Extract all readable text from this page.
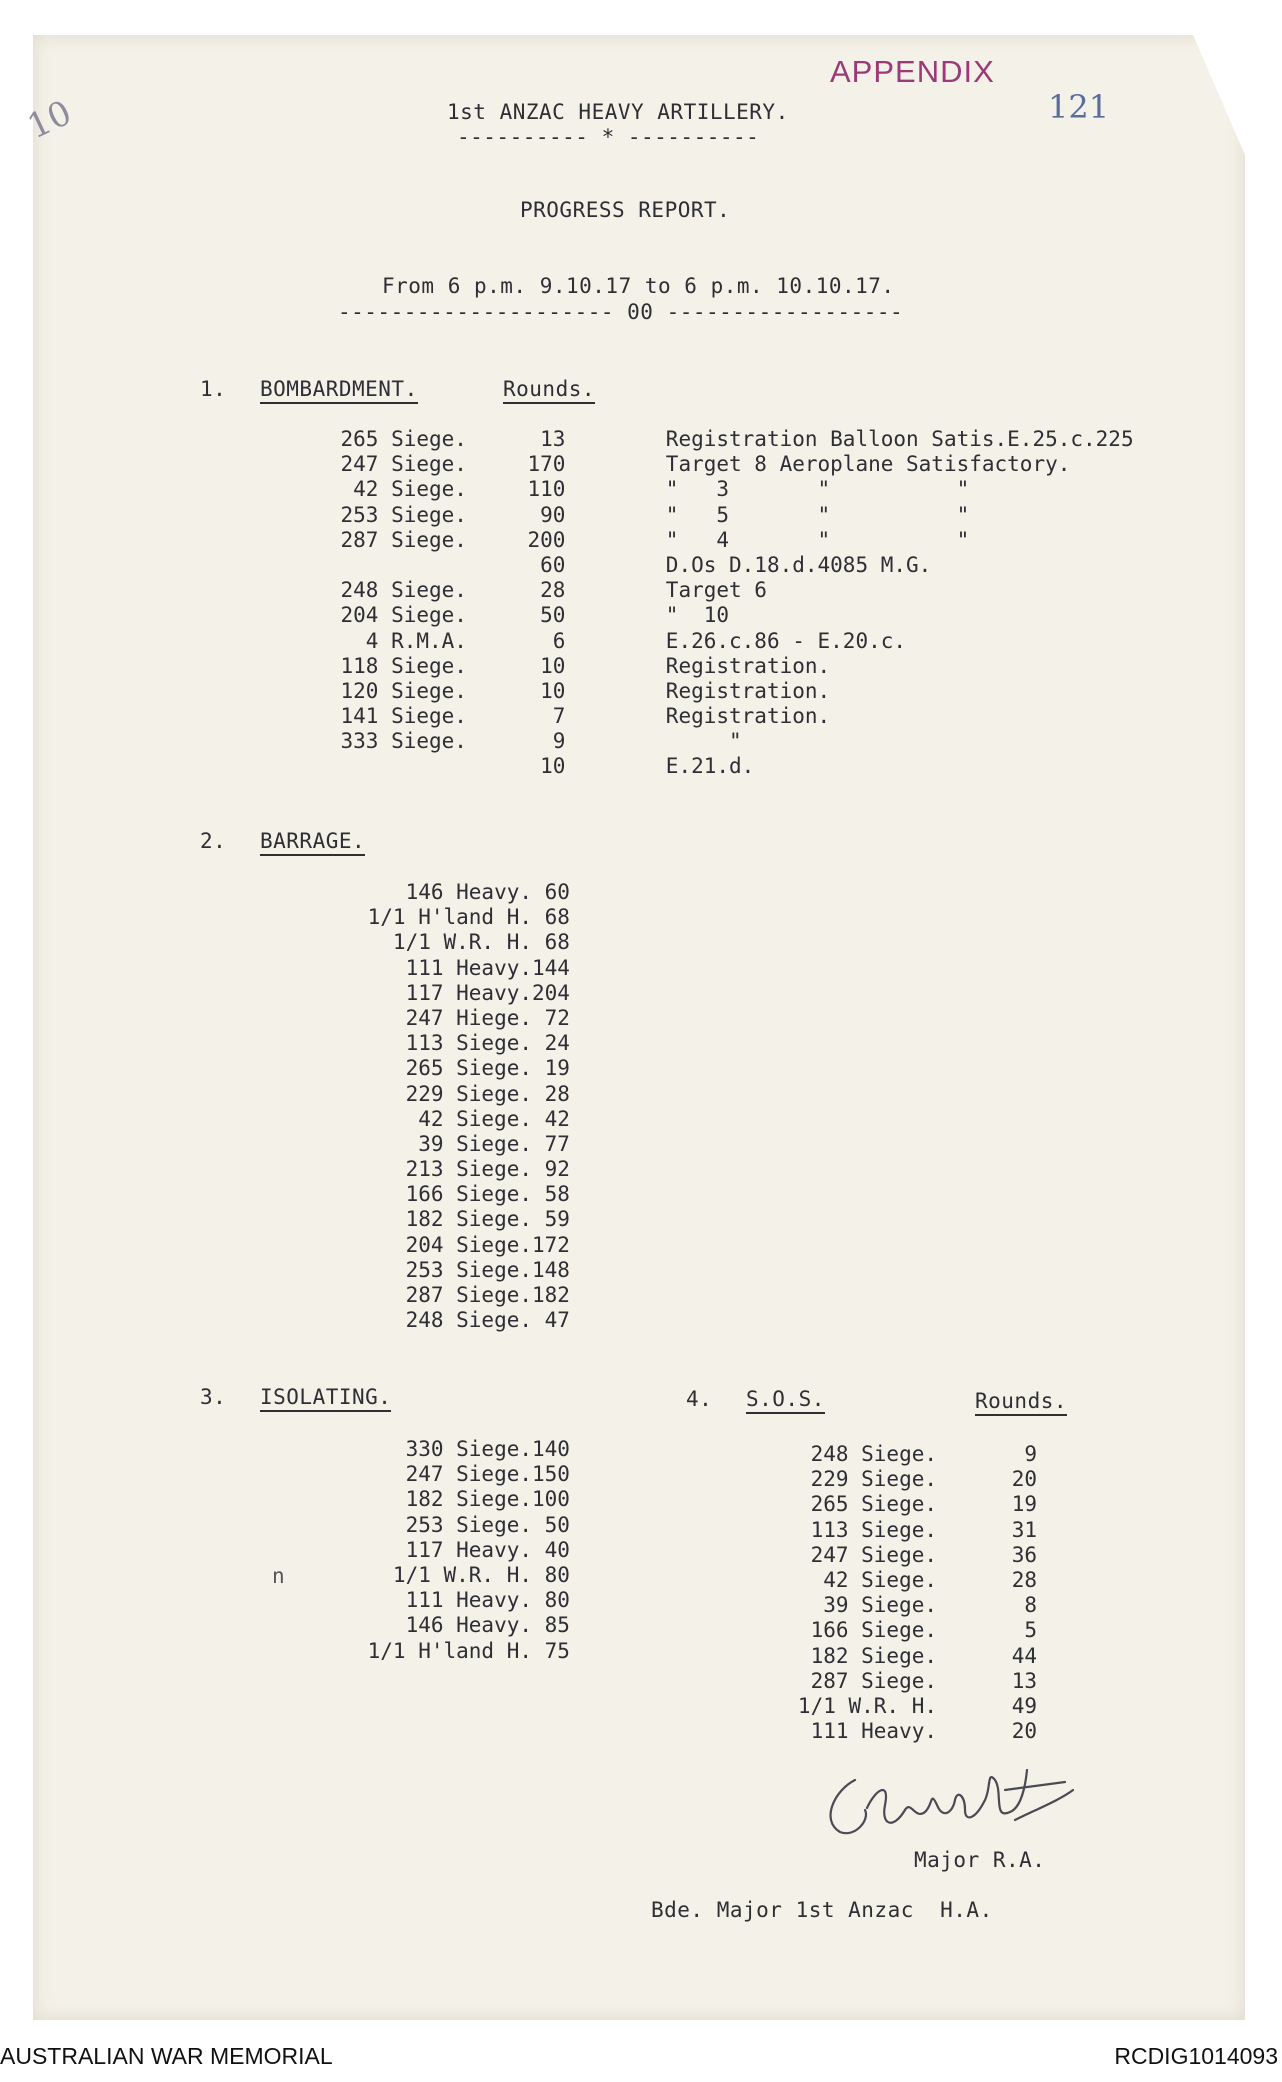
10
APPENDIX
121
1st ANZAC HEAVY ARTILLERY.
---------- * ----------
PROGRESS REPORT.
From 6 p.m. 9.10.17 to 6 p.m. 10.10.17.
--------------------- 00 ------------------
1. BOMBARDMENT.	Rounds.
265 Siege.	13		Registration Balloon Satis.E.25.c.225
247 Siege.	170		Target 8 Aeroplane Satisfactory.
42 Siege.	110		"   3       "          "
253 Siege.	90		"   5       "          "
287 Siege.	200		"   4       "          "
	60		D.Os D.18.d.4085 M.G.
248 Siege.	28		Target 6
204 Siege.	50		"  10
4 R.M.A.	6		E.26.c.86 - E.20.c.
118 Siege.	10		Registration.
120 Siege.	10		Registration.
141 Siege.	7		Registration.
333 Siege.	9		"
	10		E.21.d.
2. BARRAGE.
146 Heavy.	60
1/1 H'land H.	68
1/1 W.R. H.	68
111 Heavy.	144
117 Heavy.	204
247 Hiege.	72
113 Siege.	24
265 Siege.	19
229 Siege.	28
42 Siege.	42
39 Siege.	77
213 Siege.	92
166 Siege.	58
182 Siege.	59
204 Siege.	172
253 Siege.	148
287 Siege.	182
248 Siege.	47
3. ISOLATING.
n
330 Siege.	140
247 Siege.	150
182 Siege.	100
253 Siege.	50
117 Heavy.	40
1/1 W.R. H.	80
111 Heavy.	80
146 Heavy.	85
1/1 H'land H.	75
4. S.O.S.	Rounds.
248 Siege.	9
229 Siege.	20
265 Siege.	19
113 Siege.	31
247 Siege.	36
42 Siege.	28
39 Siege.	8
166 Siege.	5
182 Siege.	44
287 Siege.	13
1/1 W.R. H.	49
111 Heavy.	20
Major R.A.
Bde. Major 1st Anzac  H.A.
AUSTRALIAN WAR MEMORIAL	RCDIG1014093
